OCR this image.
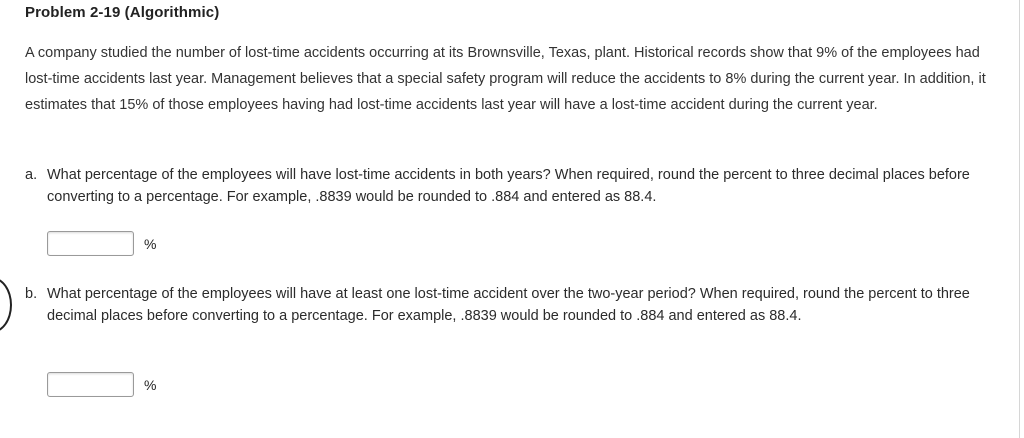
Problem 2-19 (Algorithmic)
A company studied the number of lost-time accidents occurring at its Brownsville, Texas, plant. Historical records show that 9% of the employees had lost-time accidents last year. Management believes that a special safety program will reduce the accidents to 8% during the current year. In addition, it estimates that 15% of those employees having had lost-time accidents last year will have a lost-time accident during the current year.
a. What percentage of the employees will have lost-time accidents in both years? When required, round the percent to three decimal places before converting to a percentage. For example, .8839 would be rounded to .884 and entered as 88.4.
%
b. What percentage of the employees will have at least one lost-time accident over the two-year period? When required, round the percent to three decimal places before converting to a percentage. For example, .8839 would be rounded to .884 and entered as 88.4.
%
